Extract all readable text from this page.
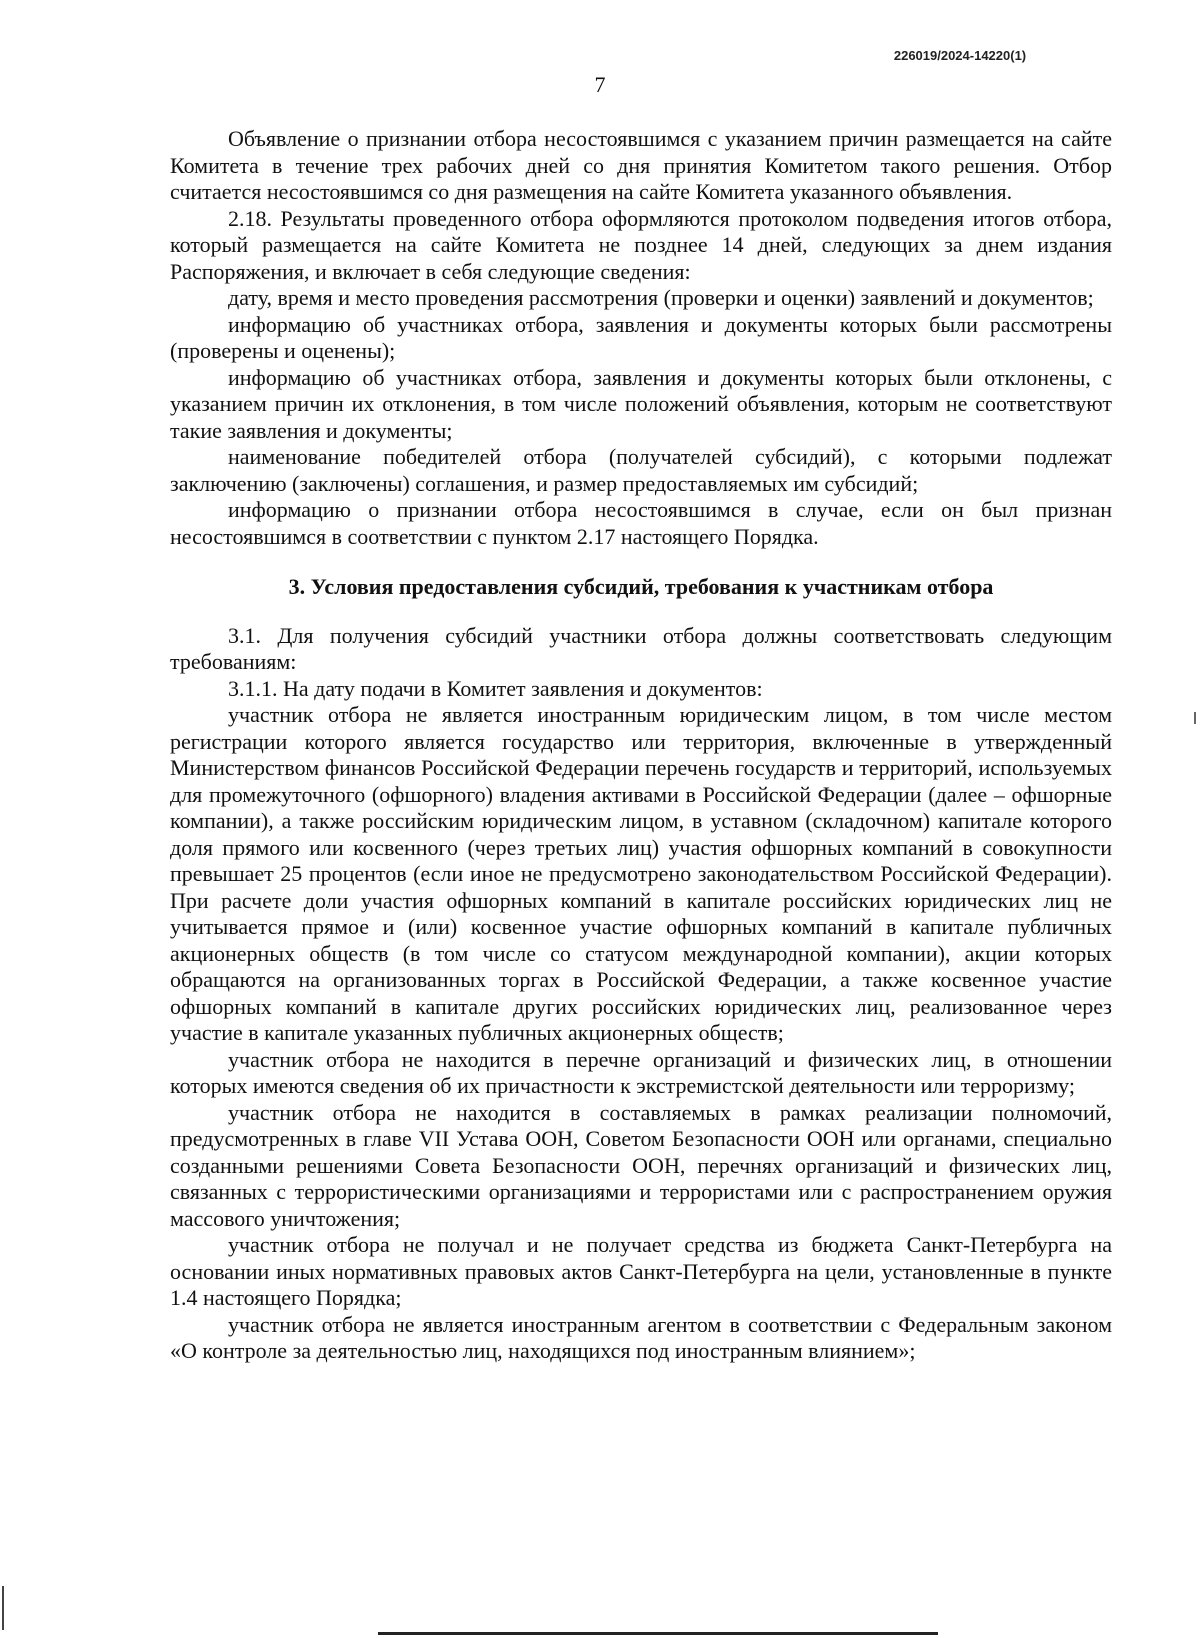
226019/2024-14220(1)
7

Объявление о признании отбора несостоявшимся с указанием причин размещается на сайте Комитета в течение трех рабочих дней со дня принятия Комитетом такого решения. Отбор считается несостоявшимся со дня размещения на сайте Комитета указанного объявления.

2.18. Результаты проведенного отбора оформляются протоколом подведения итогов отбора, который размещается на сайте Комитета не позднее 14 дней, следующих за днем издания Распоряжения, и включает в себя следующие сведения:

дату, время и место проведения рассмотрения (проверки и оценки) заявлений и документов;

информацию об участниках отбора, заявления и документы которых были рассмотрены (проверены и оценены);

информацию об участниках отбора, заявления и документы которых были отклонены, с указанием причин их отклонения, в том числе положений объявления, которым не соответствуют такие заявления и документы;

наименование победителей отбора (получателей субсидий), с которыми подлежат заключению (заключены) соглашения, и размер предоставляемых им субсидий;

информацию о признании отбора несостоявшимся в случае, если он был признан несостоявшимся в соответствии с пунктом 2.17 настоящего Порядка.

3. Условия предоставления субсидий, требования к участникам отбора

3.1. Для получения субсидий участники отбора должны соответствовать следующим требованиям:

3.1.1. На дату подачи в Комитет заявления и документов:

участник отбора не является иностранным юридическим лицом, в том числе местом регистрации которого является государство или территория, включенные в утвержденный Министерством финансов Российской Федерации перечень государств и территорий, используемых для промежуточного (офшорного) владения активами в Российской Федерации (далее – офшорные компании), а также российским юридическим лицом, в уставном (складочном) капитале которого доля прямого или косвенного (через третьих лиц) участия офшорных компаний в совокупности превышает 25 процентов (если иное не предусмотрено законодательством Российской Федерации). При расчете доли участия офшорных компаний в капитале российских юридических лиц не учитывается прямое и (или) косвенное участие офшорных компаний в капитале публичных акционерных обществ (в том числе со статусом международной компании), акции которых обращаются на организованных торгах в Российской Федерации, а также косвенное участие офшорных компаний в капитале других российских юридических лиц, реализованное через участие в капитале указанных публичных акционерных обществ;

участник отбора не находится в перечне организаций и физических лиц, в отношении которых имеются сведения об их причастности к экстремистской деятельности или терроризму;

участник отбора не находится в составляемых в рамках реализации полномочий, предусмотренных в главе VII Устава ООН, Советом Безопасности ООН или органами, специально созданными решениями Совета Безопасности ООН, перечнях организаций и физических лиц, связанных с террористическими организациями и террористами или с распространением оружия массового уничтожения;

участник отбора не получал и не получает средства из бюджета Санкт-Петербурга на основании иных нормативных правовых актов Санкт-Петербурга на цели, установленные в пункте 1.4 настоящего Порядка;

участник отбора не является иностранным агентом в соответствии с Федеральным законом «О контроле за деятельностью лиц, находящихся под иностранным влиянием»;
